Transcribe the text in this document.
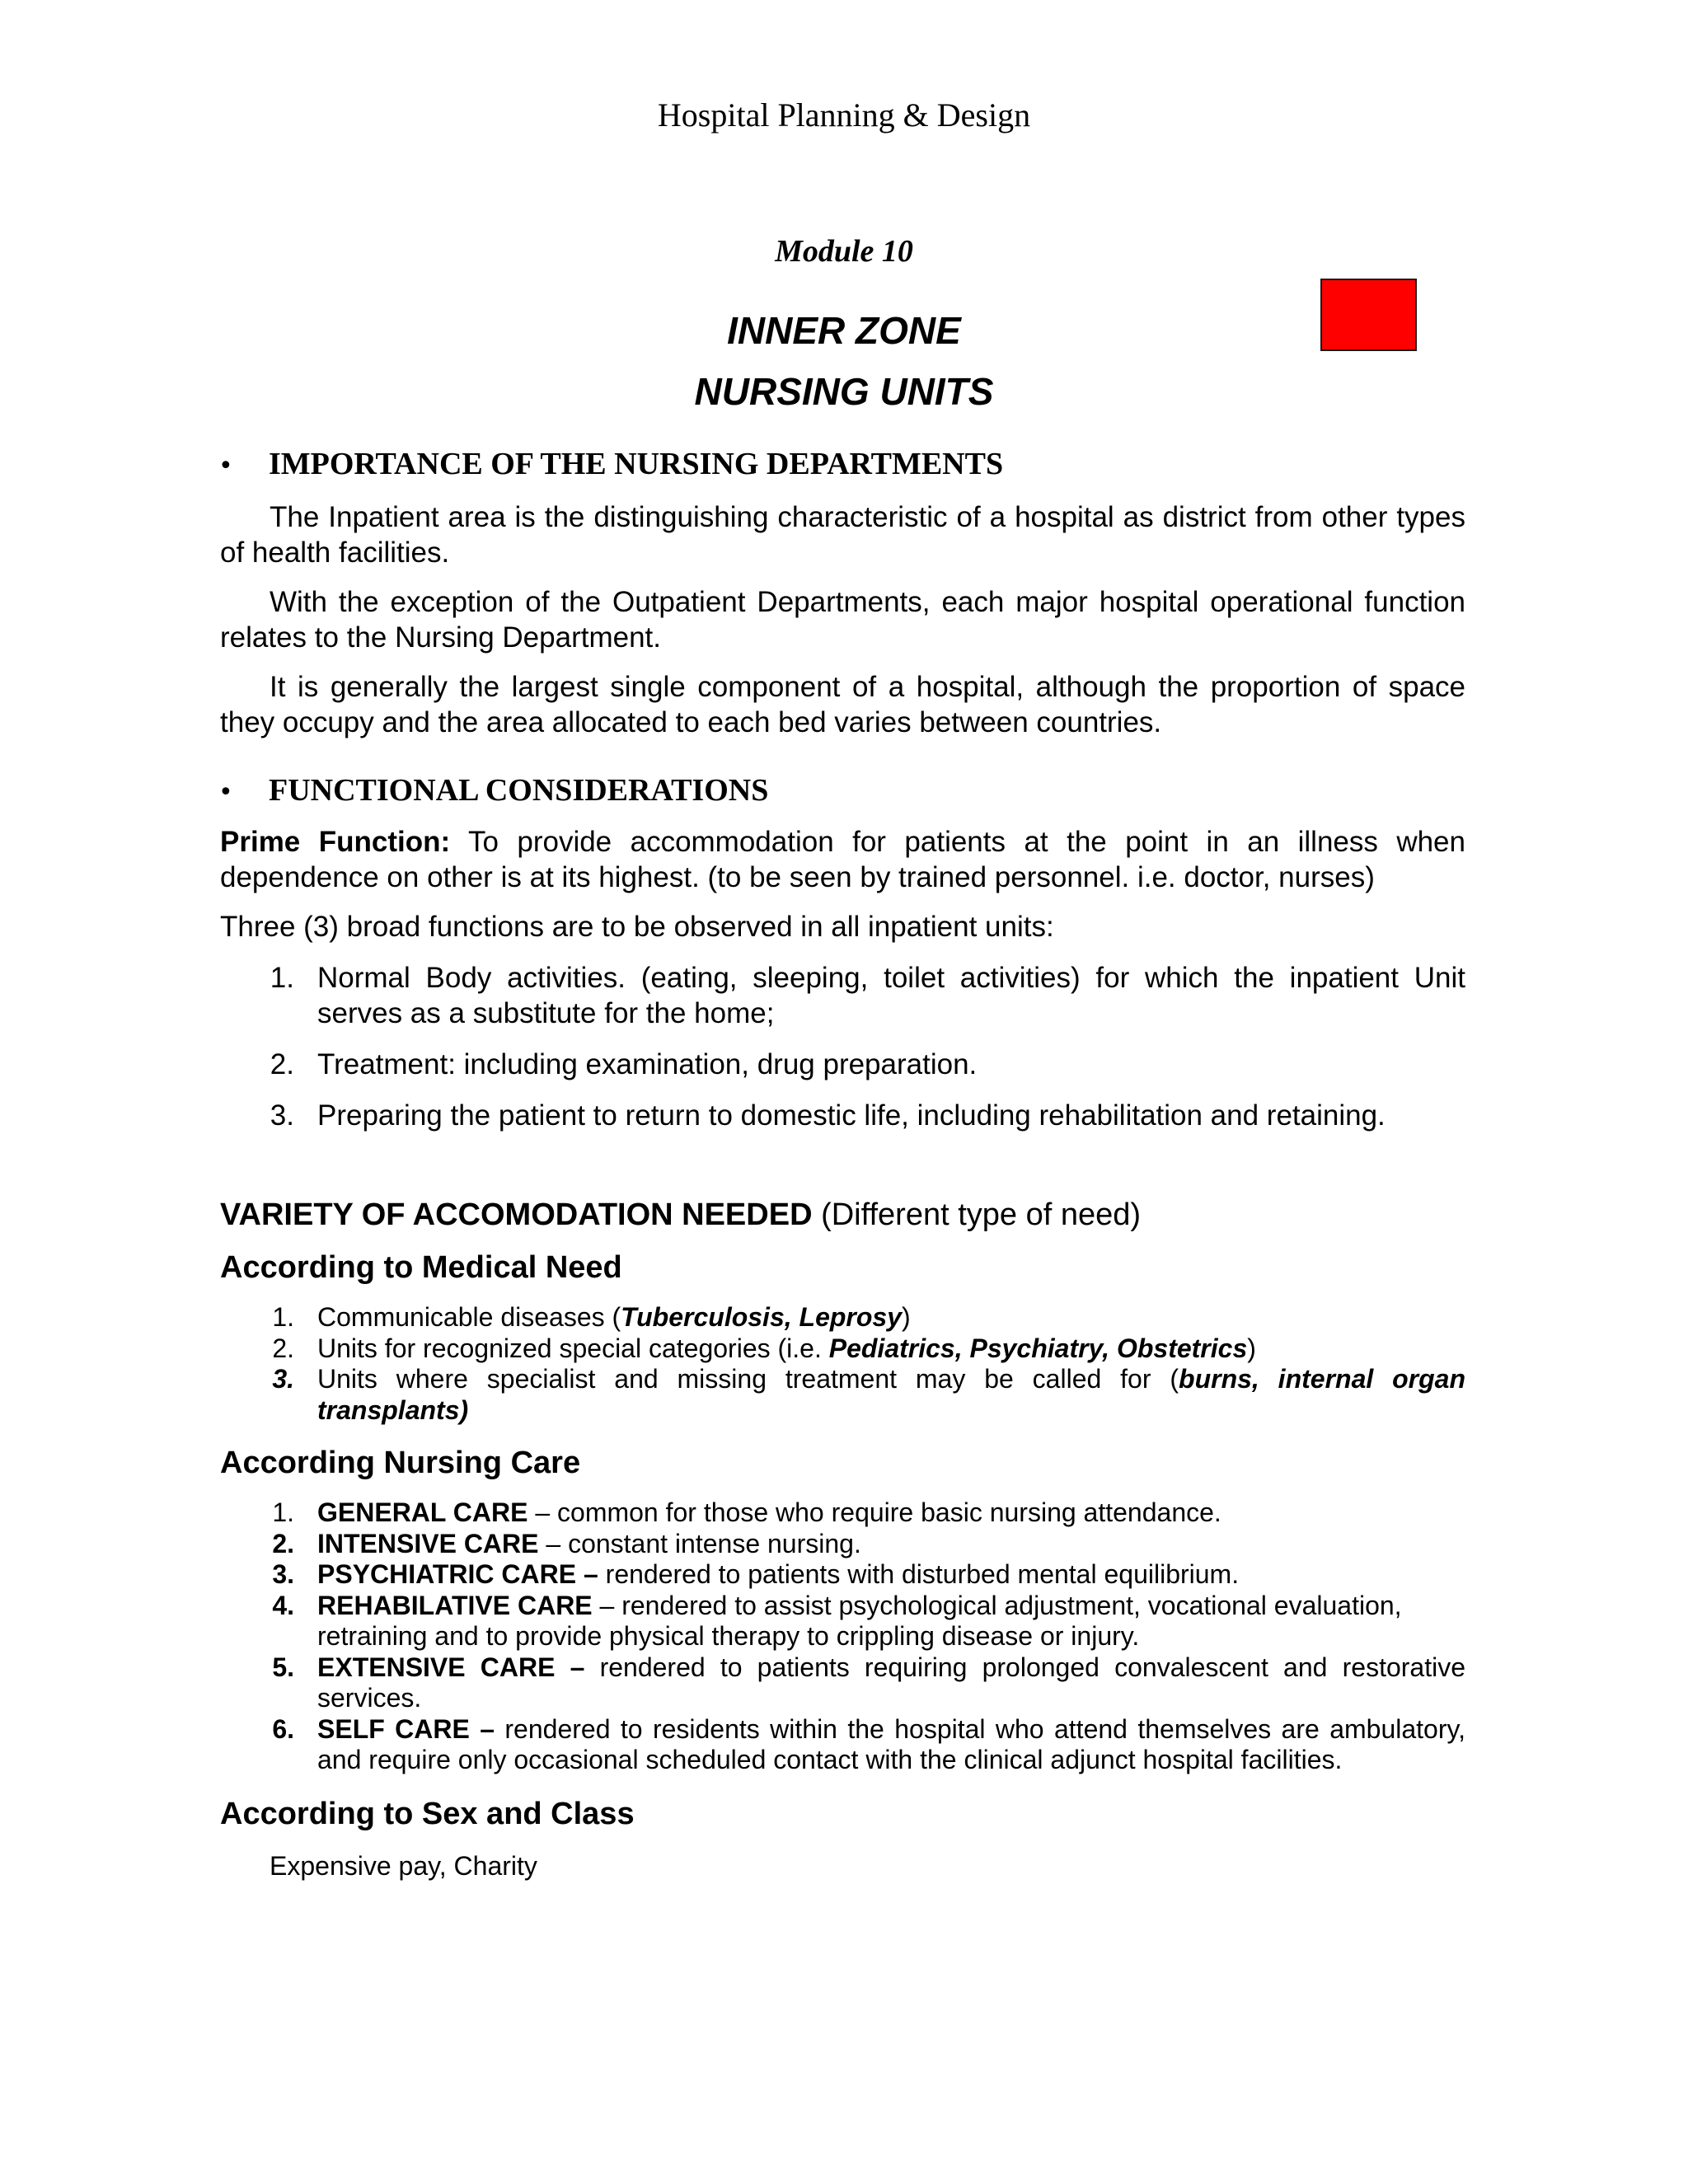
Hospital Planning & Design
Module 10
INNER ZONE
NURSING UNITS
• IMPORTANCE OF THE NURSING DEPARTMENTS
The Inpatient area is the distinguishing characteristic of a hospital as district from other types of health facilities.
With the exception of the Outpatient Departments, each major hospital operational function relates to the Nursing Department.
It is generally the largest single component of a hospital, although the proportion of space they occupy and the area allocated to each bed varies between countries.
• FUNCTIONAL CONSIDERATIONS
Prime Function: To provide accommodation for patients at the point in an illness when dependence on other is at its highest. (to be seen by trained personnel. i.e. doctor, nurses)
Three (3) broad functions are to be observed in all inpatient units:
1. Normal Body activities. (eating, sleeping, toilet activities) for which the inpatient Unit serves as a substitute for the home;
2. Treatment: including examination, drug preparation.
3. Preparing the patient to return to domestic life, including rehabilitation and retaining.
VARIETY OF ACCOMODATION NEEDED (Different type of need)
According to Medical Need
1. Communicable diseases (Tuberculosis, Leprosy)
2. Units for recognized special categories (i.e. Pediatrics, Psychiatry, Obstetrics)
3. Units where specialist and missing treatment may be called for (burns, internal organ transplants)
According Nursing Care
1. GENERAL CARE – common for those who require basic nursing attendance.
2. INTENSIVE CARE – constant intense nursing.
3. PSYCHIATRIC CARE – rendered to patients with disturbed mental equilibrium.
4. REHABILATIVE CARE – rendered to assist psychological adjustment, vocational evaluation, retraining and to provide physical therapy to crippling disease or injury.
5. EXTENSIVE CARE – rendered to patients requiring prolonged convalescent and restorative services.
6. SELF CARE – rendered to residents within the hospital who attend themselves are ambulatory, and require only occasional scheduled contact with the clinical adjunct hospital facilities.
According to Sex and Class
Expensive pay, Charity
